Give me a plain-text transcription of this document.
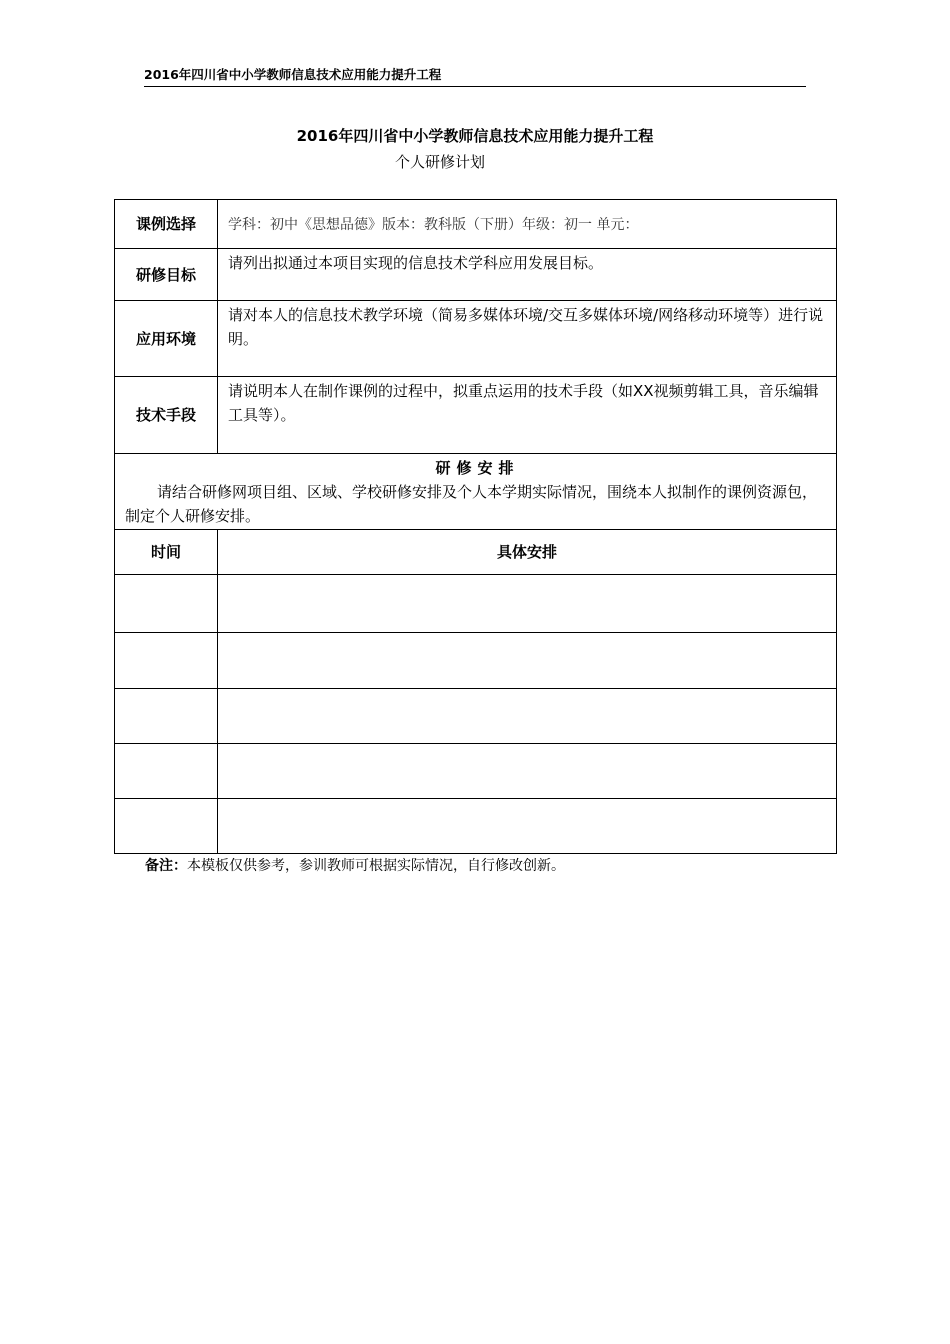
2016年四川省中小学教师信息技术应用能力提升工程
2016年四川省中小学教师信息技术应用能力提升工程
个人研修计划
课例选择	学科：初中《思想品德》版本：教科版（下册）年级：初一 单元：
研修目标	请列出拟通过本项目实现的信息技术学科应用发展目标。
应用环境	请对本人的信息技术教学环境（简易多媒体环境/交互多媒体环境/网络移动环境等）进行说明。
技术手段	请说明本人在制作课例的过程中，拟重点运用的技术手段（如XX视频剪辑工具，音乐编辑工具等）。

研修安排
请结合研修网项目组、区域、学校研修安排及个人本学期实际情况，围绕本人拟制作的课例资源包，制定个人研修安排。	

时间	具体安排

备注：本模板仅供参考，参训教师可根据实际情况，自行修改创新。
